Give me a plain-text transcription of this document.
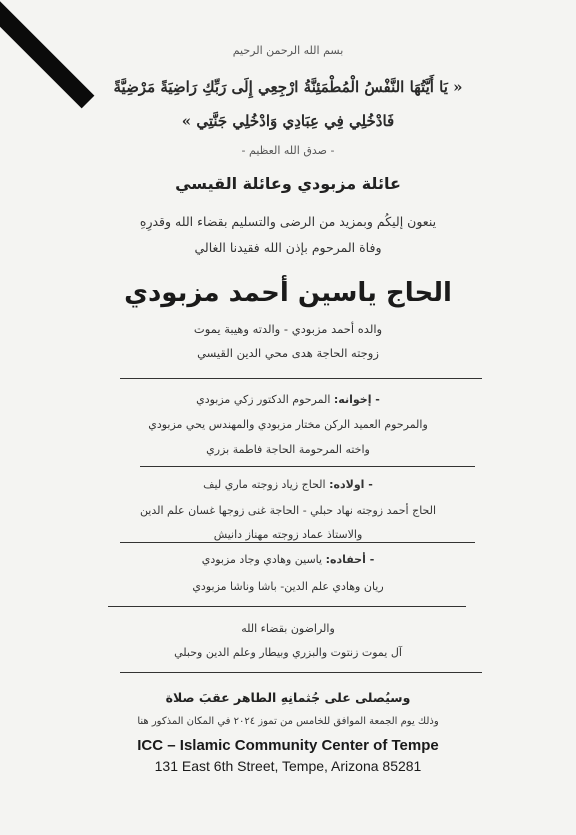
بسم الله الرحمن الرحيم
« يَا أَيَّتُهَا النَّفْسُ الْمُطْمَئِنَّةُ ارْجِعِي إِلَى رَبِّكِ رَاضِيَةً مَرْضِيَّةً
فَادْخُلِي فِي عِبَادِي وَادْخُلِي جَنَّتِي »
- صدق الله العظيم -
عائلة مزبودي وعائلة القيسي
ينعون إليكُم وبمزيد من الرضى والتسليم بقضاء الله وقدرِهِ
وفاة المرحوم بإذن الله فقيدنا الغالي
الحاج ياسين أحمد مزبودي
والده أحمد مزبودي - والدته وهيبة يموت
زوجته الحاجة هدى محي الدين القيسي
- إخوانه: المرحوم الدكتور زكي مزبودي
والمرحوم العميد الركن مختار مزبودي والمهندس يحي مزبودي
واخته المرحومة الحاجة فاطمة بزري
- اولاده: الحاج زياد زوجته ماري ليف
الحاج أحمد زوجته نهاد حبلي - الحاجة غنى زوجها غسان علم الدين
والاستاذ عماد زوجته مهناز دانيش
- أحفاده: ياسين وهادي وجاد مزبودي
ريان وهادي علم الدين- باشا وناشا مزبودي
والراضون بقضاء الله
آل يموت زنتوت والبزري وبيطار وعلم الدين وحبلي
وسيُصلى على جُثمانِهِ الطاهر عقبَ صلاة
وذلك يوم الجمعة الموافق للخامس من تموز ٢٠٢٤ في المكان المذكور هنا
ICC – Islamic Community Center of Tempe
131 East 6th Street, Tempe, Arizona 85281
